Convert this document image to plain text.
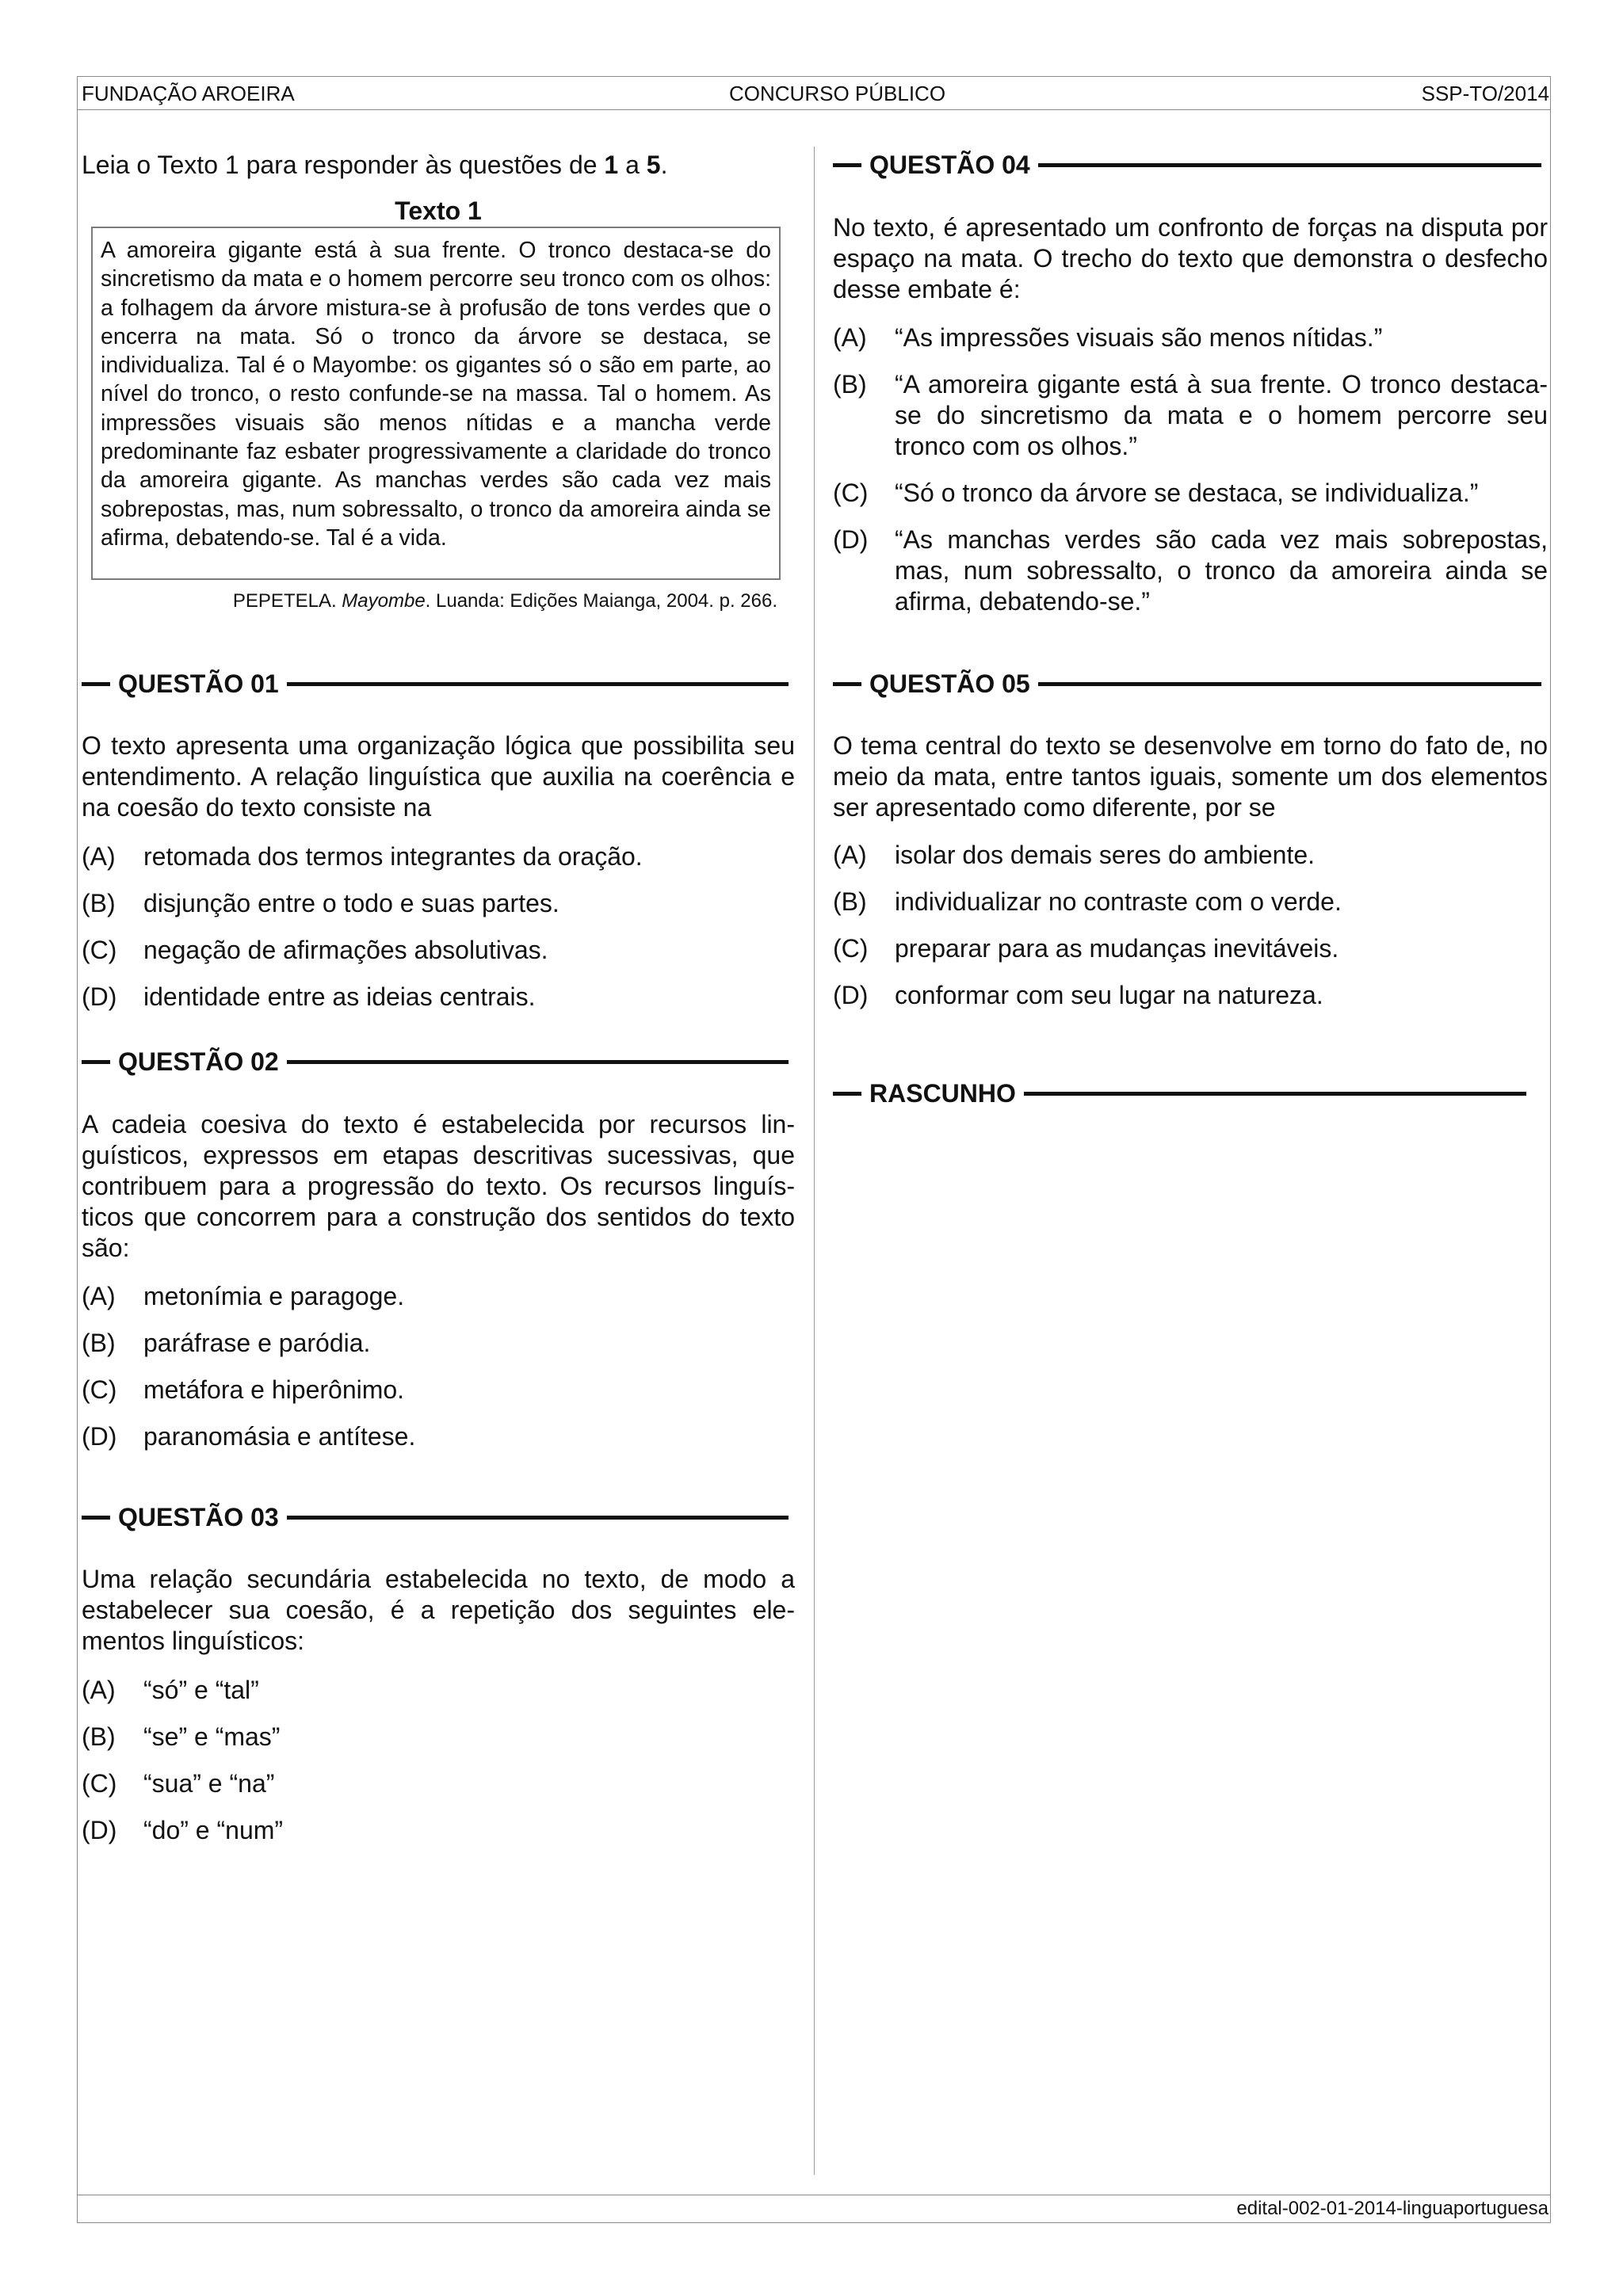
FUNDAÇÃO AROEIRA	CONCURSO PÚBLICO	SSP-TO/2014
Leia o Texto 1 para responder às questões de 1 a 5.
Texto 1
A amoreira gigante está à sua frente. O tronco destaca-se do sincretismo da mata e o homem percorre seu tronco com os olhos: a folhagem da árvore mistura-se à profusão de tons verdes que o encerra na mata. Só o tronco da árvore se destaca, se individualiza. Tal é o Mayombe: os gigantes só o são em parte, ao nível do tronco, o resto confunde-se na massa. Tal o homem. As impressões visuais são menos nítidas e a mancha verde predominante faz esbater progressivamente a claridade do tronco da amoreira gigante. As manchas verdes são cada vez mais sobrepostas, mas, num sobressalto, o tronco da amoreira ainda se afirma, debatendo-se. Tal é a vida.
PEPETELA. Mayombe. Luanda: Edições Maianga, 2004. p. 266.
QUESTÃO 01
O texto apresenta uma organização lógica que possibilita seu entendimento. A relação linguística que auxilia na coerência e na coesão do texto consiste na
(A)	retomada dos termos integrantes da oração.
(B)	disjunção entre o todo e suas partes.
(C)	negação de afirmações absolutivas.
(D)	identidade entre as ideias centrais.
QUESTÃO 02
A cadeia coesiva do texto é estabelecida por recursos linguísticos, expressos em etapas descritivas sucessivas, que contribuem para a progressão do texto. Os recursos linguísticos que concorrem para a construção dos sentidos do texto são:
(A)	metonímia e paragoge.
(B)	paráfrase e paródia.
(C)	metáfora e hiperônimo.
(D)	paranomásia e antítese.
QUESTÃO 03
Uma relação secundária estabelecida no texto, de modo a estabelecer sua coesão, é a repetição dos seguintes elementos linguísticos:
(A)	“só” e “tal”
(B)	“se” e “mas”
(C)	“sua” e “na”
(D)	“do” e “num”
QUESTÃO 04
No texto, é apresentado um confronto de forças na disputa por espaço na mata. O trecho do texto que demonstra o desfecho desse embate é:
(A)	“As impressões visuais são menos nítidas.”
(B)	“A amoreira gigante está à sua frente. O tronco destaca-se do sincretismo da mata e o homem percorre seu tronco com os olhos.”
(C)	“Só o tronco da árvore se destaca, se individualiza.”
(D)	“As manchas verdes são cada vez mais sobrepostas, mas, num sobressalto, o tronco da amoreira ainda se afirma, debatendo-se.”
QUESTÃO 05
O tema central do texto se desenvolve em torno do fato de, no meio da mata, entre tantos iguais, somente um dos elementos ser apresentado como diferente, por se
(A)	isolar dos demais seres do ambiente.
(B)	individualizar no contraste com o verde.
(C)	preparar para as mudanças inevitáveis.
(D)	conformar com seu lugar na natureza.
RASCUNHO
edital-002-01-2014-linguaportuguesa
